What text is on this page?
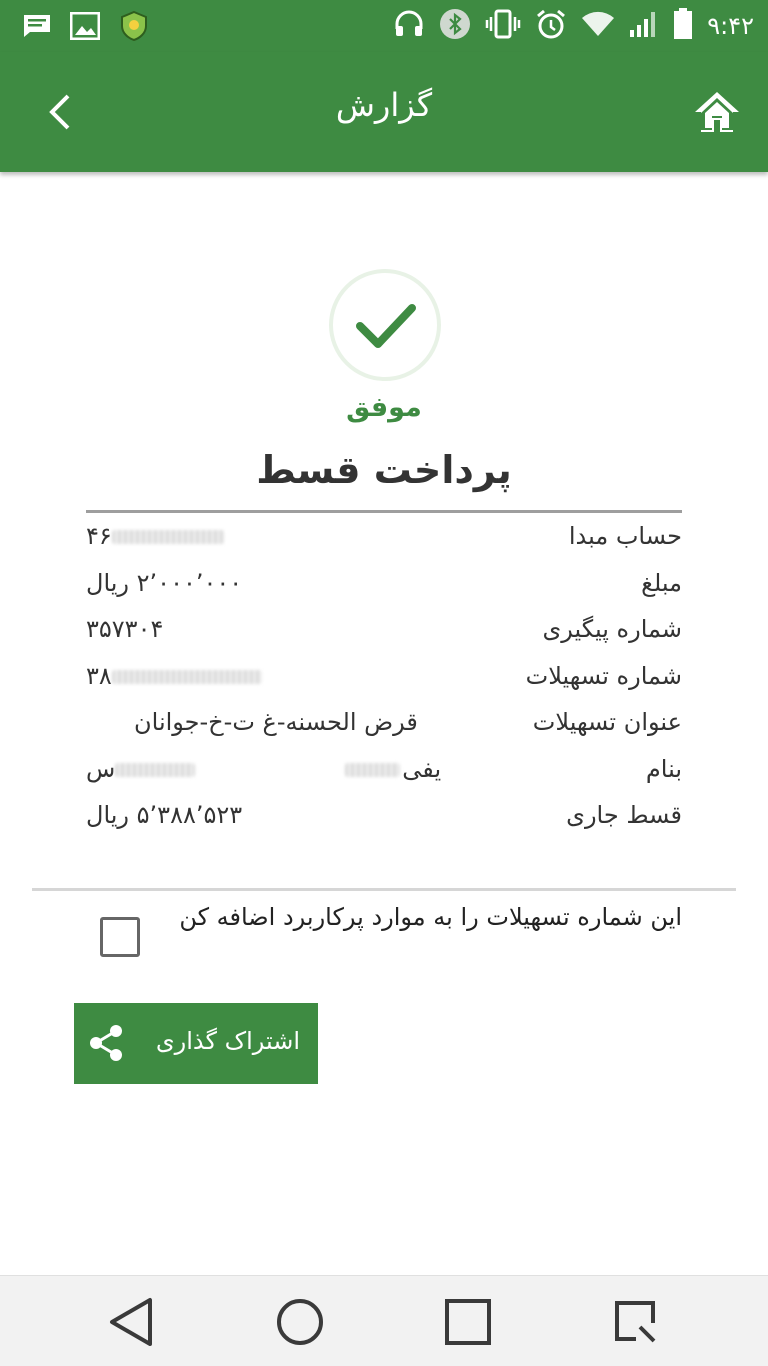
۹:۴۲
گزارش
موفق
پرداخت قسط
حساب مبدا
۴۶
مبلغ
۲٬۰۰۰٬۰۰۰ ریال
شماره پیگیری
۳۵۷۳۰۴
شماره تسهیلات
۳۸
عنوان تسهیلات
قرض الحسنه-غ ت-خ-جوانان
بنام
یفیس
قسط جاری
۵٬۳۸۸٬۵۲۳ ریال
این شماره تسهیلات را به موارد پرکاربرد اضافه کن
اشتراک گذاری
